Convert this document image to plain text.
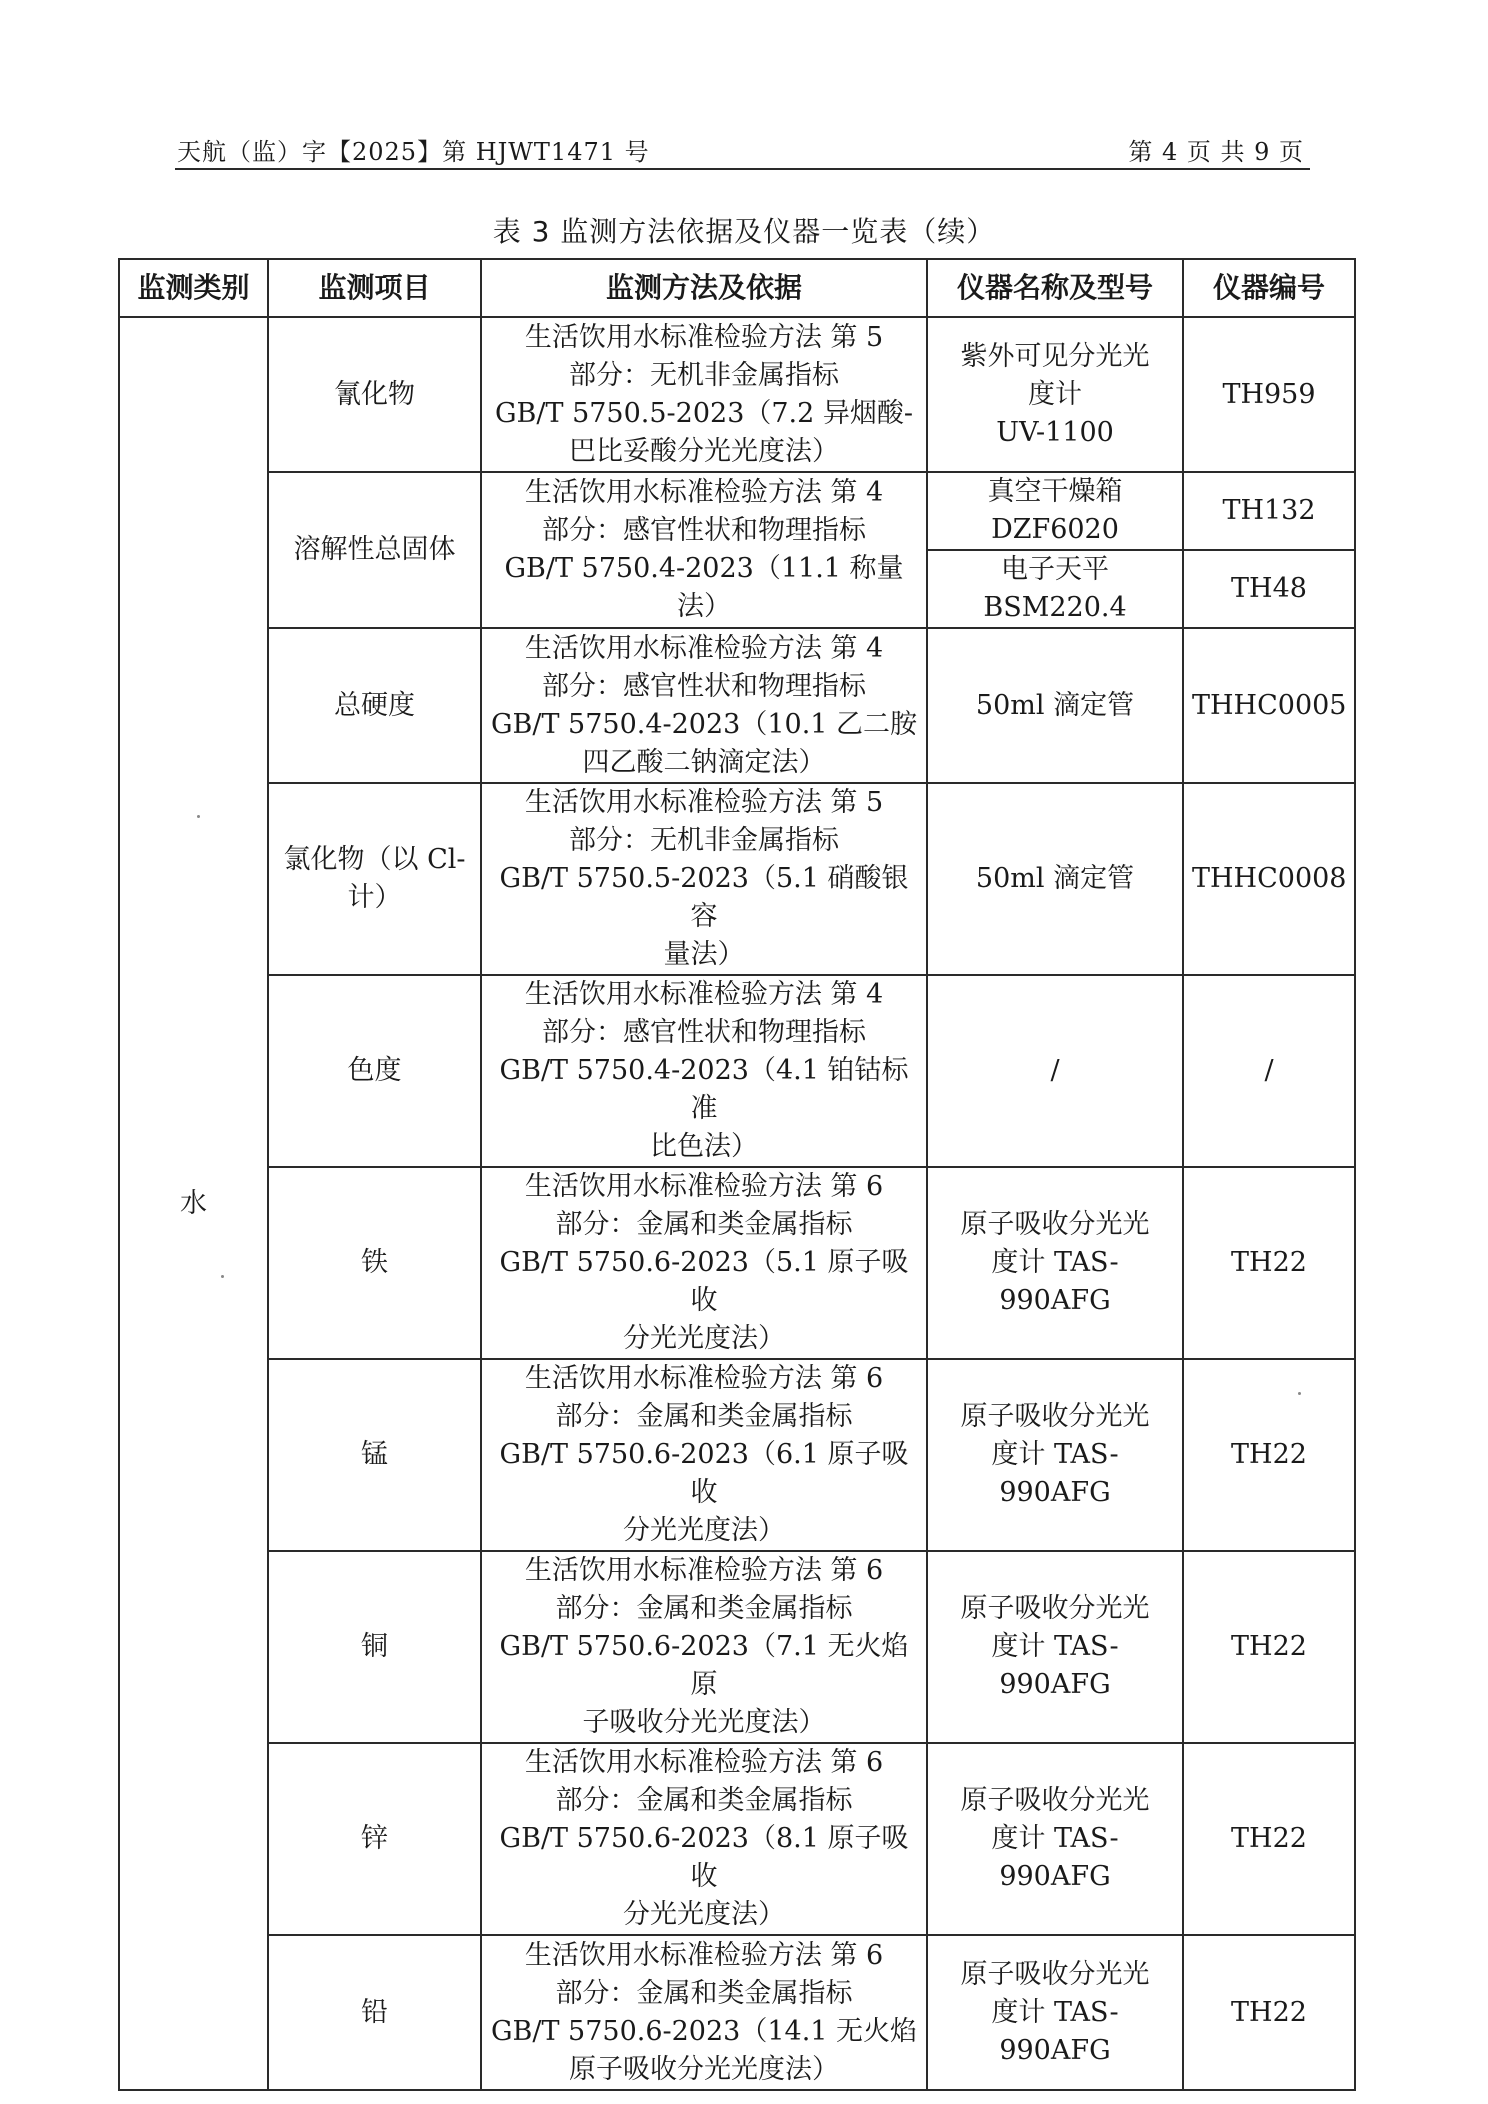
天航（监）字【2025】第 HJWT1471 号	第 4 页 共 9 页
表 3 监测方法依据及仪器一览表（续）
监测类别	监测项目	监测方法及依据	仪器名称及型号	仪器编号
水	氰化物	生活饮用水标准检验方法 第 5
部分：无机非金属指标
GB/T 5750.5-2023（7.2 异烟酸-
巴比妥酸分光光度法）	紫外可见分光光
度计
UV-1100	TH959
	溶解性总固体	生活饮用水标准检验方法 第 4
部分：感官性状和物理指标
GB/T 5750.4-2023（11.1 称量法）	真空干燥箱
DZF6020	TH132
			电子天平
BSM220.4	TH48
	总硬度	生活饮用水标准检验方法 第 4
部分：感官性状和物理指标
GB/T 5750.4-2023（10.1 乙二胺
四乙酸二钠滴定法）	50ml 滴定管	THHC0005
	氯化物（以 Cl-
计）	生活饮用水标准检验方法 第 5
部分：无机非金属指标
GB/T 5750.5-2023（5.1 硝酸银容
量法）	50ml 滴定管	THHC0008
	色度	生活饮用水标准检验方法 第 4
部分：感官性状和物理指标
GB/T 5750.4-2023（4.1 铂钴标准
比色法）	/	/
	铁	生活饮用水标准检验方法 第 6
部分：金属和类金属指标
GB/T 5750.6-2023（5.1 原子吸收
分光光度法）	原子吸收分光光
度计 TAS-990AFG	TH22
	锰	生活饮用水标准检验方法 第 6
部分：金属和类金属指标
GB/T 5750.6-2023（6.1 原子吸收
分光光度法）	原子吸收分光光
度计 TAS-990AFG	TH22
	铜	生活饮用水标准检验方法 第 6
部分：金属和类金属指标
GB/T 5750.6-2023（7.1 无火焰原
子吸收分光光度法）	原子吸收分光光
度计 TAS-990AFG	TH22
	锌	生活饮用水标准检验方法 第 6
部分：金属和类金属指标
GB/T 5750.6-2023（8.1 原子吸收
分光光度法）	原子吸收分光光
度计 TAS-990AFG	TH22
	铅	生活饮用水标准检验方法 第 6
部分：金属和类金属指标
GB/T 5750.6-2023（14.1 无火焰
原子吸收分光光度法）	原子吸收分光光
度计 TAS-990AFG	TH22
